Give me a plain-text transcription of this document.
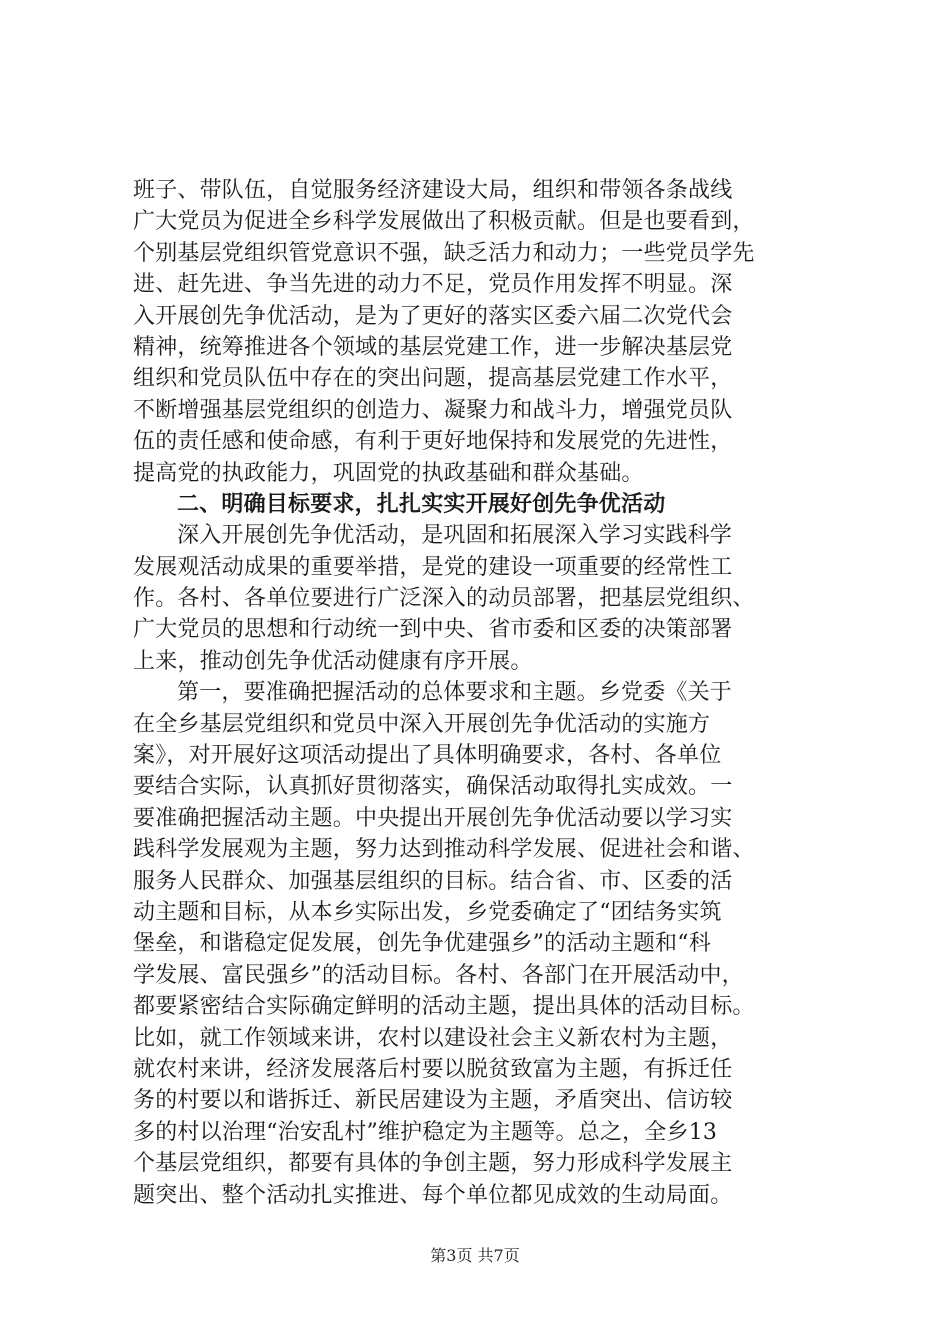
班子、带队伍，自觉服务经济建设大局，组织和带领各条战线
广大党员为促进全乡科学发展做出了积极贡献。但是也要看到，
个别基层党组织管党意识不强，缺乏活力和动力；一些党员学先
进、赶先进、争当先进的动力不足，党员作用发挥不明显。深
入开展创先争优活动，是为了更好的落实区委六届二次党代会
精神，统筹推进各个领域的基层党建工作，进一步解决基层党
组织和党员队伍中存在的突出问题，提高基层党建工作水平，
不断增强基层党组织的创造力、凝聚力和战斗力，增强党员队
伍的责任感和使命感，有利于更好地保持和发展党的先进性，
提高党的执政能力，巩固党的执政基础和群众基础。
二、明确目标要求，扎扎实实开展好创先争优活动
深入开展创先争优活动，是巩固和拓展深入学习实践科学
发展观活动成果的重要举措，是党的建设一项重要的经常性工
作。各村、各单位要进行广泛深入的动员部署，把基层党组织、
广大党员的思想和行动统一到中央、省市委和区委的决策部署
上来，推动创先争优活动健康有序开展。
第一，要准确把握活动的总体要求和主题。乡党委《关于
在全乡基层党组织和党员中深入开展创先争优活动的实施方
案》，对开展好这项活动提出了具体明确要求，各村、各单位
要结合实际，认真抓好贯彻落实，确保活动取得扎实成效。一
要准确把握活动主题。中央提出开展创先争优活动要以学习实
践科学发展观为主题，努力达到推动科学发展、促进社会和谐、
服务人民群众、加强基层组织的目标。结合省、市、区委的活
动主题和目标，从本乡实际出发，乡党委确定了“团结务实筑
堡垒，和谐稳定促发展，创先争优建强乡”的活动主题和“科
学发展、富民强乡”的活动目标。各村、各部门在开展活动中，
都要紧密结合实际确定鲜明的活动主题，提出具体的活动目标。
比如，就工作领域来讲，农村以建设社会主义新农村为主题，
就农村来讲，经济发展落后村要以脱贫致富为主题，有拆迁任
务的村要以和谐拆迁、新民居建设为主题，矛盾突出、信访较
多的村以治理“治安乱村”维护稳定为主题等。总之，全乡13
个基层党组织，都要有具体的争创主题，努力形成科学发展主
题突出、整个活动扎实推进、每个单位都见成效的生动局面。
第3页 共7页
